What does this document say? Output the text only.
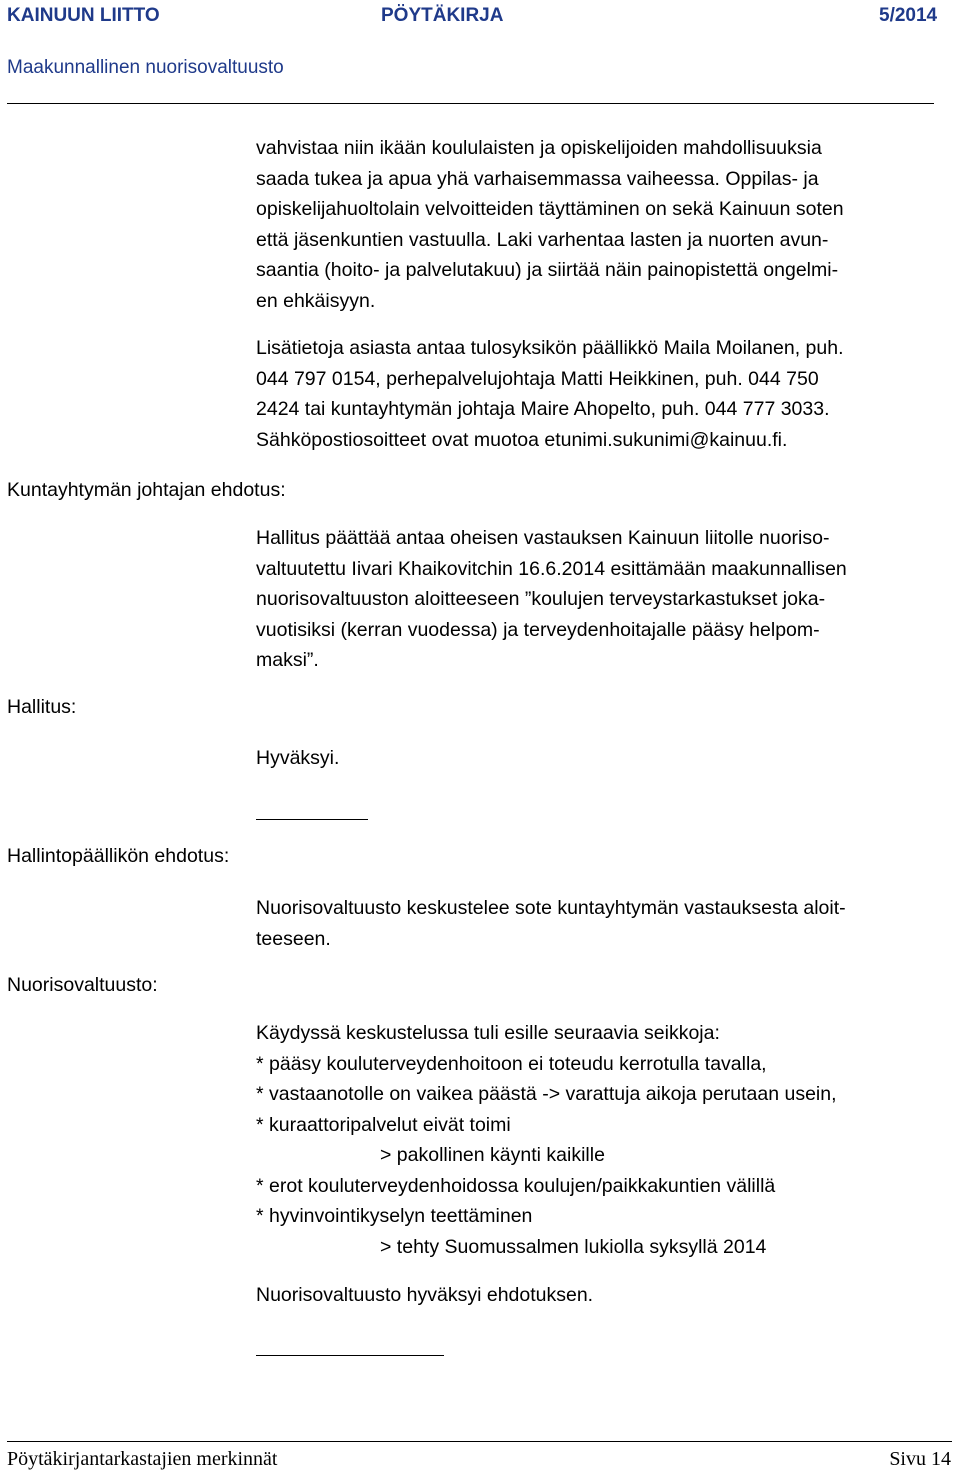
KAINUUN LIITTO	PÖYTÄKIRJA	5/2014
Maakunnallinen nuorisovaltuusto
Kuntayhtymän johtajan ehdotus:
Hallitus:
Hallintopäällikön ehdotus:
Nuorisovaltuusto:
vahvistaa niin ikään koululaisten ja opiskelijoiden mahdollisuuksia
saada tukea ja apua yhä varhaisemmassa vaiheessa. Oppilas- ja
opiskelijahuoltolain velvoitteiden täyttäminen on sekä Kainuun soten
että jäsenkuntien vastuulla. Laki varhentaa lasten ja nuorten avun-
saantia (hoito- ja palvelutakuu) ja siirtää näin painopistettä ongelmi-
en ehkäisyyn.
Lisätietoja asiasta antaa tulosyksikön päällikkö Maila Moilanen, puh.
044 797 0154, perhepalvelujohtaja Matti Heikkinen, puh. 044 750
2424 tai kuntayhtymän johtaja Maire Ahopelto, puh. 044 777 3033.
Sähköpostiosoitteet ovat muotoa etunimi.sukunimi@kainuu.fi.
Hallitus päättää antaa oheisen vastauksen Kainuun liitolle nuoriso-
valtuutettu Iivari Khaikovitchin 16.6.2014 esittämään maakunnallisen
nuorisovaltuuston aloitteeseen ”koulujen terveystarkastukset joka-
vuotisiksi (kerran vuodessa) ja terveydenhoitajalle pääsy helpom-
maksi”.
Hyväksyi.
Nuorisovaltuusto keskustelee sote kuntayhtymän vastauksesta aloit-
teeseen.
Käydyssä keskustelussa tuli esille seuraavia seikkoja:
* pääsy kouluterveydenhoitoon ei toteudu kerrotulla tavalla,
* vastaanotolle on vaikea päästä -> varattuja aikoja perutaan usein,
* kuraattoripalvelut eivät toimi
> pakollinen käynti kaikille
* erot kouluterveydenhoidossa koulujen/paikkakuntien välillä
* hyvinvointikyselyn teettäminen
> tehty Suomussalmen lukiolla syksyllä 2014
Nuorisovaltuusto hyväksyi ehdotuksen.
Pöytäkirjantarkastajien merkinnät	Sivu 14
